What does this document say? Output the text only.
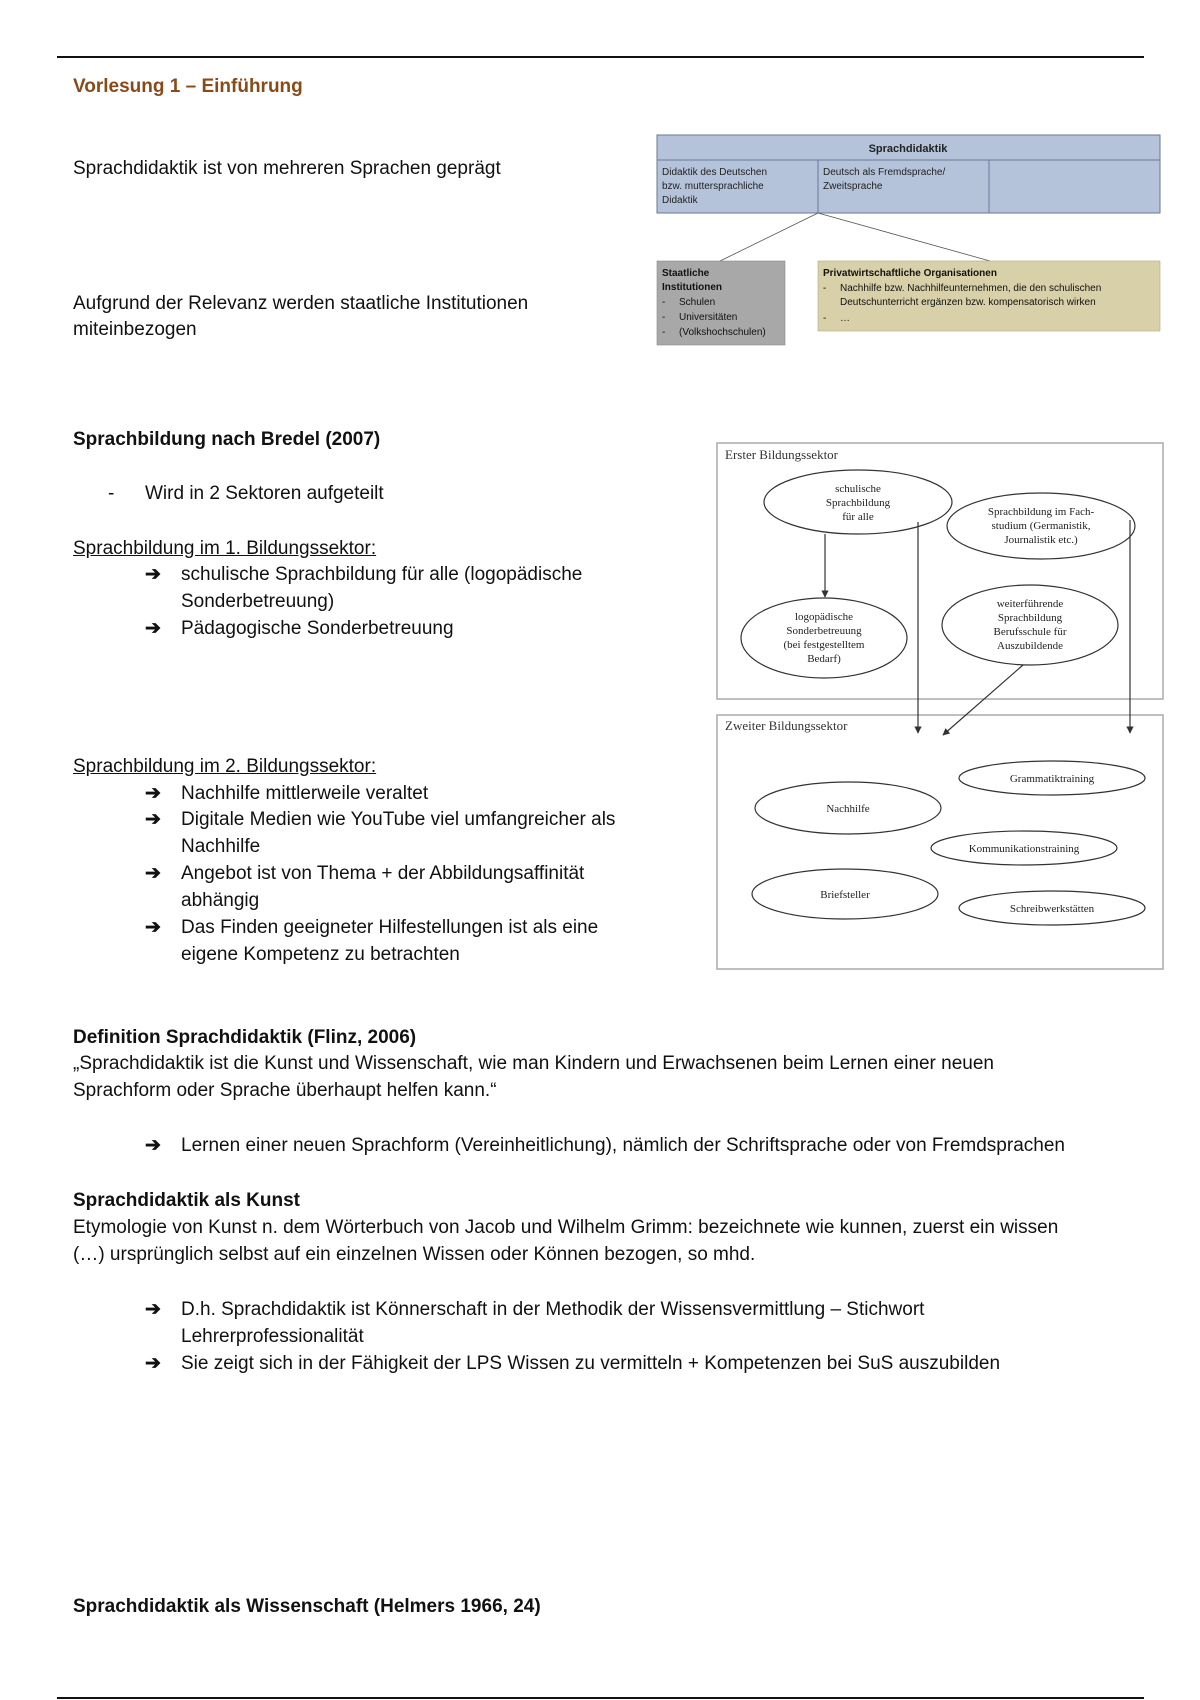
Vorlesung 1 – Einführung
Sprachdidaktik ist von mehreren Sprachen geprägt
Aufgrund der Relevanz werden staatliche Institutionen
miteinbezogen
Sprachdidaktik
Didaktik des Deutschen
bzw. muttersprachliche
Didaktik
Deutsch als Fremdsprache/
Zweitsprache
Staatliche
Institutionen
- Schulen
- Universitäten
- (Volkshochschulen)
Privatwirtschaftliche Organisationen
- Nachhilfe bzw. Nachhilfeunternehmen, die den schulischen
Deutschunterricht ergänzen bzw. kompensatorisch wirken
- …
Sprachbildung nach Bredel (2007)
- Wird in 2 Sektoren aufgeteilt
Sprachbildung im 1. Bildungssektor:
➔ schulische Sprachbildung für alle (logopädische
Sonderbetreuung)
➔ Pädagogische Sonderbetreuung
Sprachbildung im 2. Bildungssektor:
➔ Nachhilfe mittlerweile veraltet
➔ Digitale Medien wie YouTube viel umfangreicher als
Nachhilfe
➔ Angebot ist von Thema + der Abbildungsaffinität
abhängig
➔ Das Finden geeigneter Hilfestellungen ist als eine
eigene Kompetenz zu betrachten
Erster Bildungssektor
Zweiter Bildungssektor
schulische
Sprachbildung
für alle	Sprachbildung im Fach-
studium (Germanistik,
Journalistik etc.)
logopädische
Sonderbetreuung
(bei festgestelltem
Bedarf)
weiterführende
Sprachbildung
Berufsschule für
Auszubildende
Grammatiktraining
Nachhilfe
Kommunikationstraining
Briefsteller
Schreibwerkstätten
Definition Sprachdidaktik (Flinz, 2006)
„Sprachdidaktik ist die Kunst und Wissenschaft, wie man Kindern und Erwachsenen beim Lernen einer neuen
Sprachform oder Sprache überhaupt helfen kann.“
➔ Lernen einer neuen Sprachform (Vereinheitlichung), nämlich der Schriftsprache oder von Fremdsprachen
Sprachdidaktik als Kunst
Etymologie von Kunst n. dem Wörterbuch von Jacob und Wilhelm Grimm: bezeichnete wie kunnen, zuerst ein wissen
(…) ursprünglich selbst auf ein einzelnen Wissen oder Können bezogen, so mhd.
➔ D.h. Sprachdidaktik ist Könnerschaft in der Methodik der Wissensvermittlung – Stichwort
Lehrerprofessionalität
➔ Sie zeigt sich in der Fähigkeit der LPS Wissen zu vermitteln + Kompetenzen bei SuS auszubilden
Sprachdidaktik als Wissenschaft (Helmers 1966, 24)
